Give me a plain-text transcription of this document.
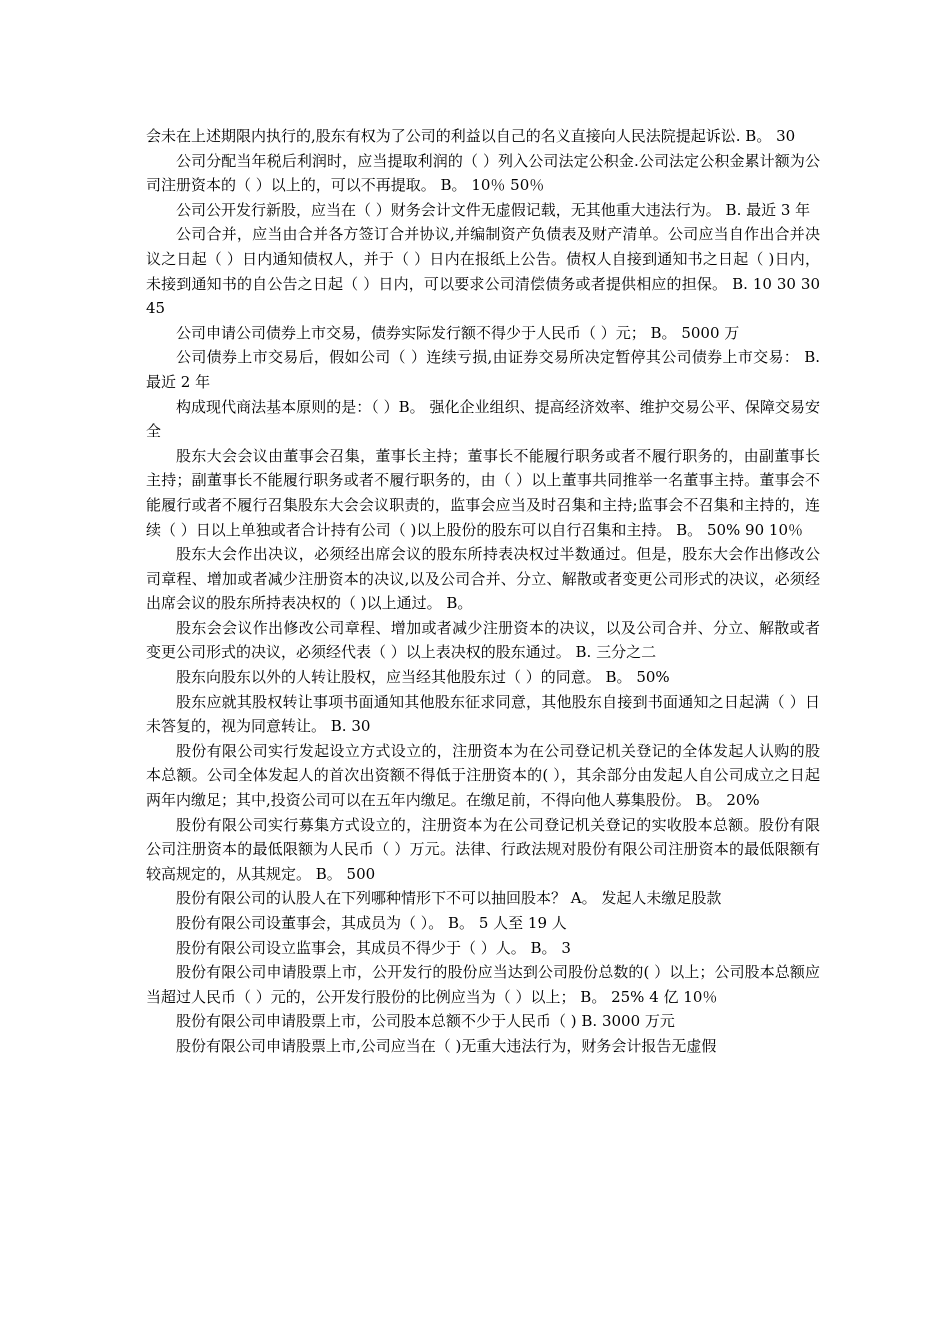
会未在上述期限内执行的,股东有权为了公司的利益以自己的名义直接向人民法院提起诉讼. B。 30

公司分配当年税后利润时，应当提取利润的（ ）列入公司法定公积金.公司法定公积金累计额为公司注册资本的（ ）以上的，可以不再提取。 B。 10％ 50％

公司公开发行新股，应当在（ ）财务会计文件无虚假记载，无其他重大违法行为。 B. 最近 3 年

公司合并，应当由合并各方签订合并协议,并编制资产负债表及财产清单。公司应当自作出合并决议之日起（ ）日内通知债权人，并于（ ）日内在报纸上公告。债权人自接到通知书之日起（ )日内，未接到通知书的自公告之日起（ ）日内，可以要求公司清偿债务或者提供相应的担保。 B. 10 30 30 45

公司申请公司债券上市交易，债券实际发行额不得少于人民币（ ）元； B。 5000 万

公司债券上市交易后，假如公司（ ）连续亏损,由证券交易所决定暂停其公司债券上市交易： B. 最近 2 年

构成现代商法基本原则的是：（ ）B。 强化企业组织、提高经济效率、维护交易公平、保障交易安全

股东大会会议由董事会召集，董事长主持；董事长不能履行职务或者不履行职务的，由副董事长主持；副董事长不能履行职务或者不履行职务的，由（ ）以上董事共同推举一名董事主持。董事会不能履行或者不履行召集股东大会会议职责的，监事会应当及时召集和主持;监事会不召集和主持的，连续（ ）日以上单独或者合计持有公司（ )以上股份的股东可以自行召集和主持。 B。 50% 90 10％

股东大会作出决议，必须经出席会议的股东所持表决权过半数通过。但是，股东大会作出修改公司章程、增加或者减少注册资本的决议,以及公司合并、分立、解散或者变更公司形式的决议，必须经出席会议的股东所持表决权的（ )以上通过。 B。

股东会会议作出修改公司章程、增加或者减少注册资本的决议，以及公司合并、分立、解散或者变更公司形式的决议，必须经代表（ ）以上表决权的股东通过。 B. 三分之二

股东向股东以外的人转让股权，应当经其他股东过（ ）的同意。 B。 50%

股东应就其股权转让事项书面通知其他股东征求同意，其他股东自接到书面通知之日起满（ ）日未答复的，视为同意转让。 B. 30

股份有限公司实行发起设立方式设立的，注册资本为在公司登记机关登记的全体发起人认购的股本总额。公司全体发起人的首次出资额不得低于注册资本的( ），其余部分由发起人自公司成立之日起两年内缴足；其中,投资公司可以在五年内缴足。在缴足前，不得向他人募集股份。 B。 20%

股份有限公司实行募集方式设立的，注册资本为在公司登记机关登记的实收股本总额。股份有限公司注册资本的最低限额为人民币（ ）万元。法律、行政法规对股份有限公司注册资本的最低限额有较高规定的，从其规定。 B。 500

股份有限公司的认股人在下列哪种情形下不可以抽回股本？ A。 发起人未缴足股款

股份有限公司设董事会，其成员为（ ）。 B。 5 人至 19 人

股份有限公司设立监事会，其成员不得少于（ ）人。 B。 3

股份有限公司申请股票上市，公开发行的股份应当达到公司股份总数的( ）以上；公司股本总额应当超过人民币（ ）元的，公开发行股份的比例应当为（ ）以上； B。 25% 4 亿 10％

股份有限公司申请股票上市，公司股本总额不少于人民币（ ) B. 3000 万元

股份有限公司申请股票上市,公司应当在（ )无重大违法行为，财务会计报告无虚假
